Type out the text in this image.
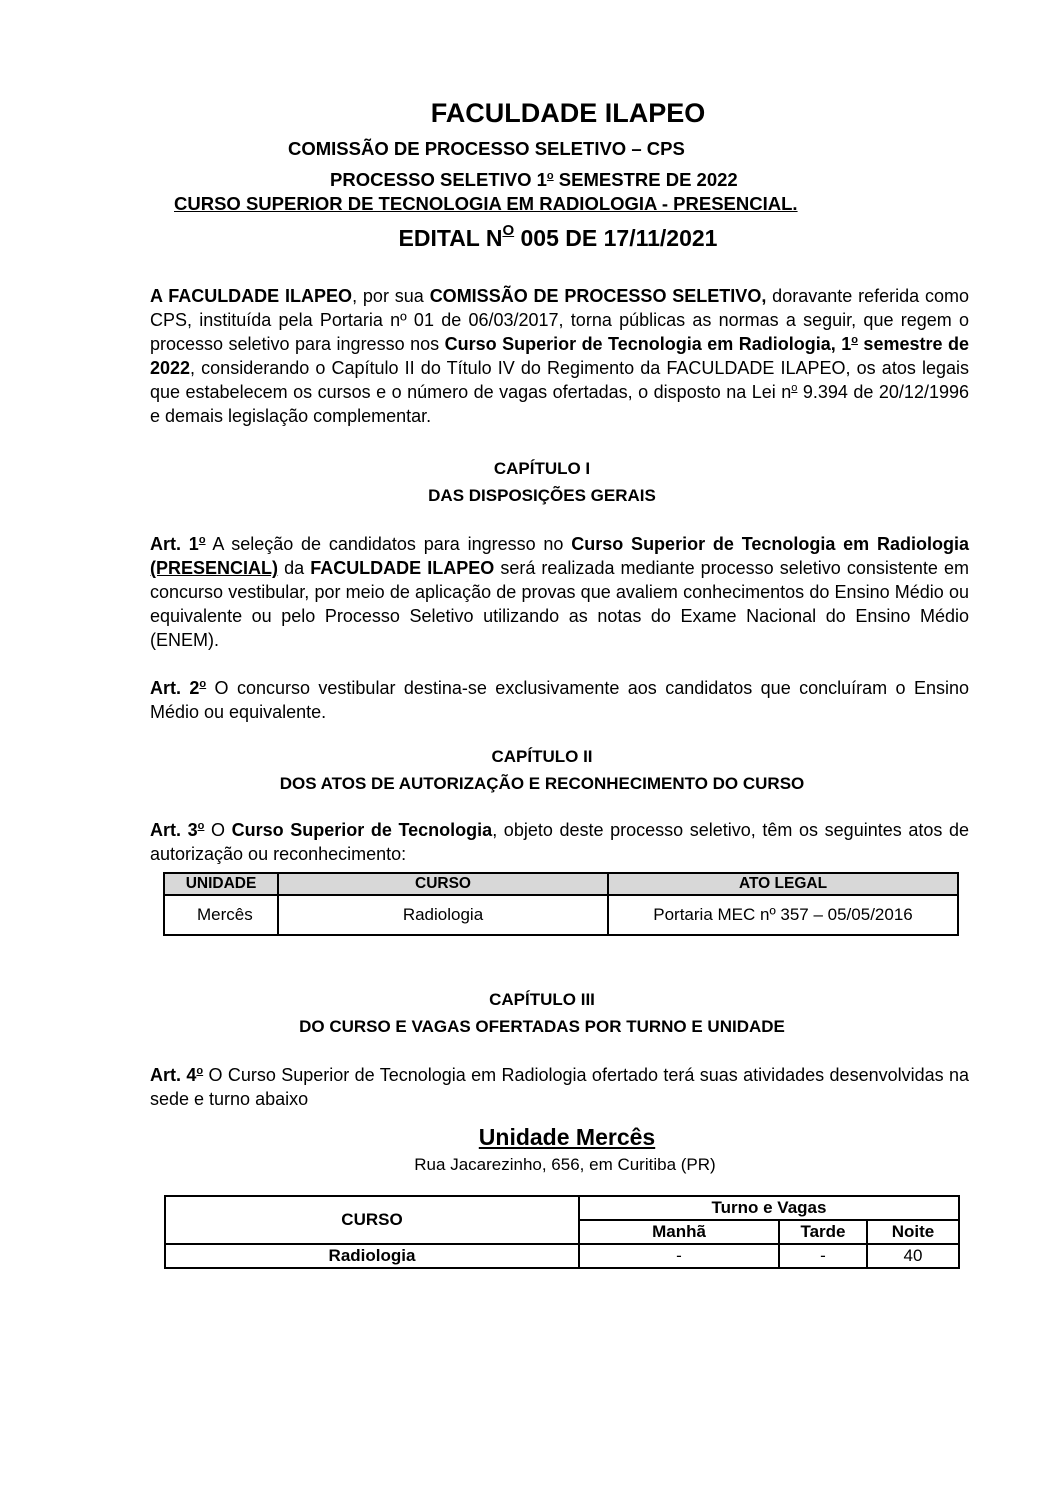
FACULDADE ILAPEO
COMISSÃO DE PROCESSO SELETIVO – CPS
PROCESSO SELETIVO 1$^o$ SEMESTRE DE 2022
CURSO SUPERIOR DE TECNOLOGIA EM RADIOLOGIA - PRESENCIAL.
EDITAL $N^O$ 005 DE 17/11/2021
A FACULDADE ILAPEO, por sua COMISSÃO DE PROCESSO SELETIVO, doravante referida como CPS, instituída pela Portaria nº 01 de 06/03/2017, torna públicas as normas a seguir, que regem o processo seletivo para ingresso nos Curso Superior de Tecnologia em Radiologia, 1$^o$ semestre de 2022, considerando o Capítulo II do Título IV do Regimento da FACULDADE ILAPEO, os atos legais que estabelecem os cursos e o número de vagas ofertadas, o disposto na Lei $n^o$ 9.394 de 20/12/1996 e demais legislação complementar.
CAPÍTULO I
DAS DISPOSIÇÕES GERAIS
Art. 1$^o$ A seleção de candidatos para ingresso no Curso Superior de Tecnologia em Radiologia (PRESENCIAL) da FACULDADE ILAPEO será realizada mediante processo seletivo consistente em concurso vestibular, por meio de aplicação de provas que avaliem conhecimentos do Ensino Médio ou equivalente ou pelo Processo Seletivo utilizando as notas do Exame Nacional do Ensino Médio (ENEM).
Art. 2$^o$ O concurso vestibular destina-se exclusivamente aos candidatos que concluíram o Ensino Médio ou equivalente.
CAPÍTULO II
DOS ATOS DE AUTORIZAÇÃO E RECONHECIMENTO DO CURSO
Art. 3$^o$ O Curso Superior de Tecnologia, objeto deste processo seletivo, têm os seguintes atos de autorização ou reconhecimento:
UNIDADE	CURSO	ATO LEGAL
Mercês	Radiologia	Portaria MEC nº 357 – 05/05/2016
CAPÍTULO III
DO CURSO E VAGAS OFERTADAS POR TURNO E UNIDADE
Art. 4$^o$ O Curso Superior de Tecnologia em Radiologia ofertado terá suas atividades desenvolvidas na sede e turno abaixo
Unidade Mercês
Rua Jacarezinho, 656, em Curitiba (PR)
CURSO	Turno e Vagas		
	Manhã	Tarde	Noite
Radiologia	-	-	40
